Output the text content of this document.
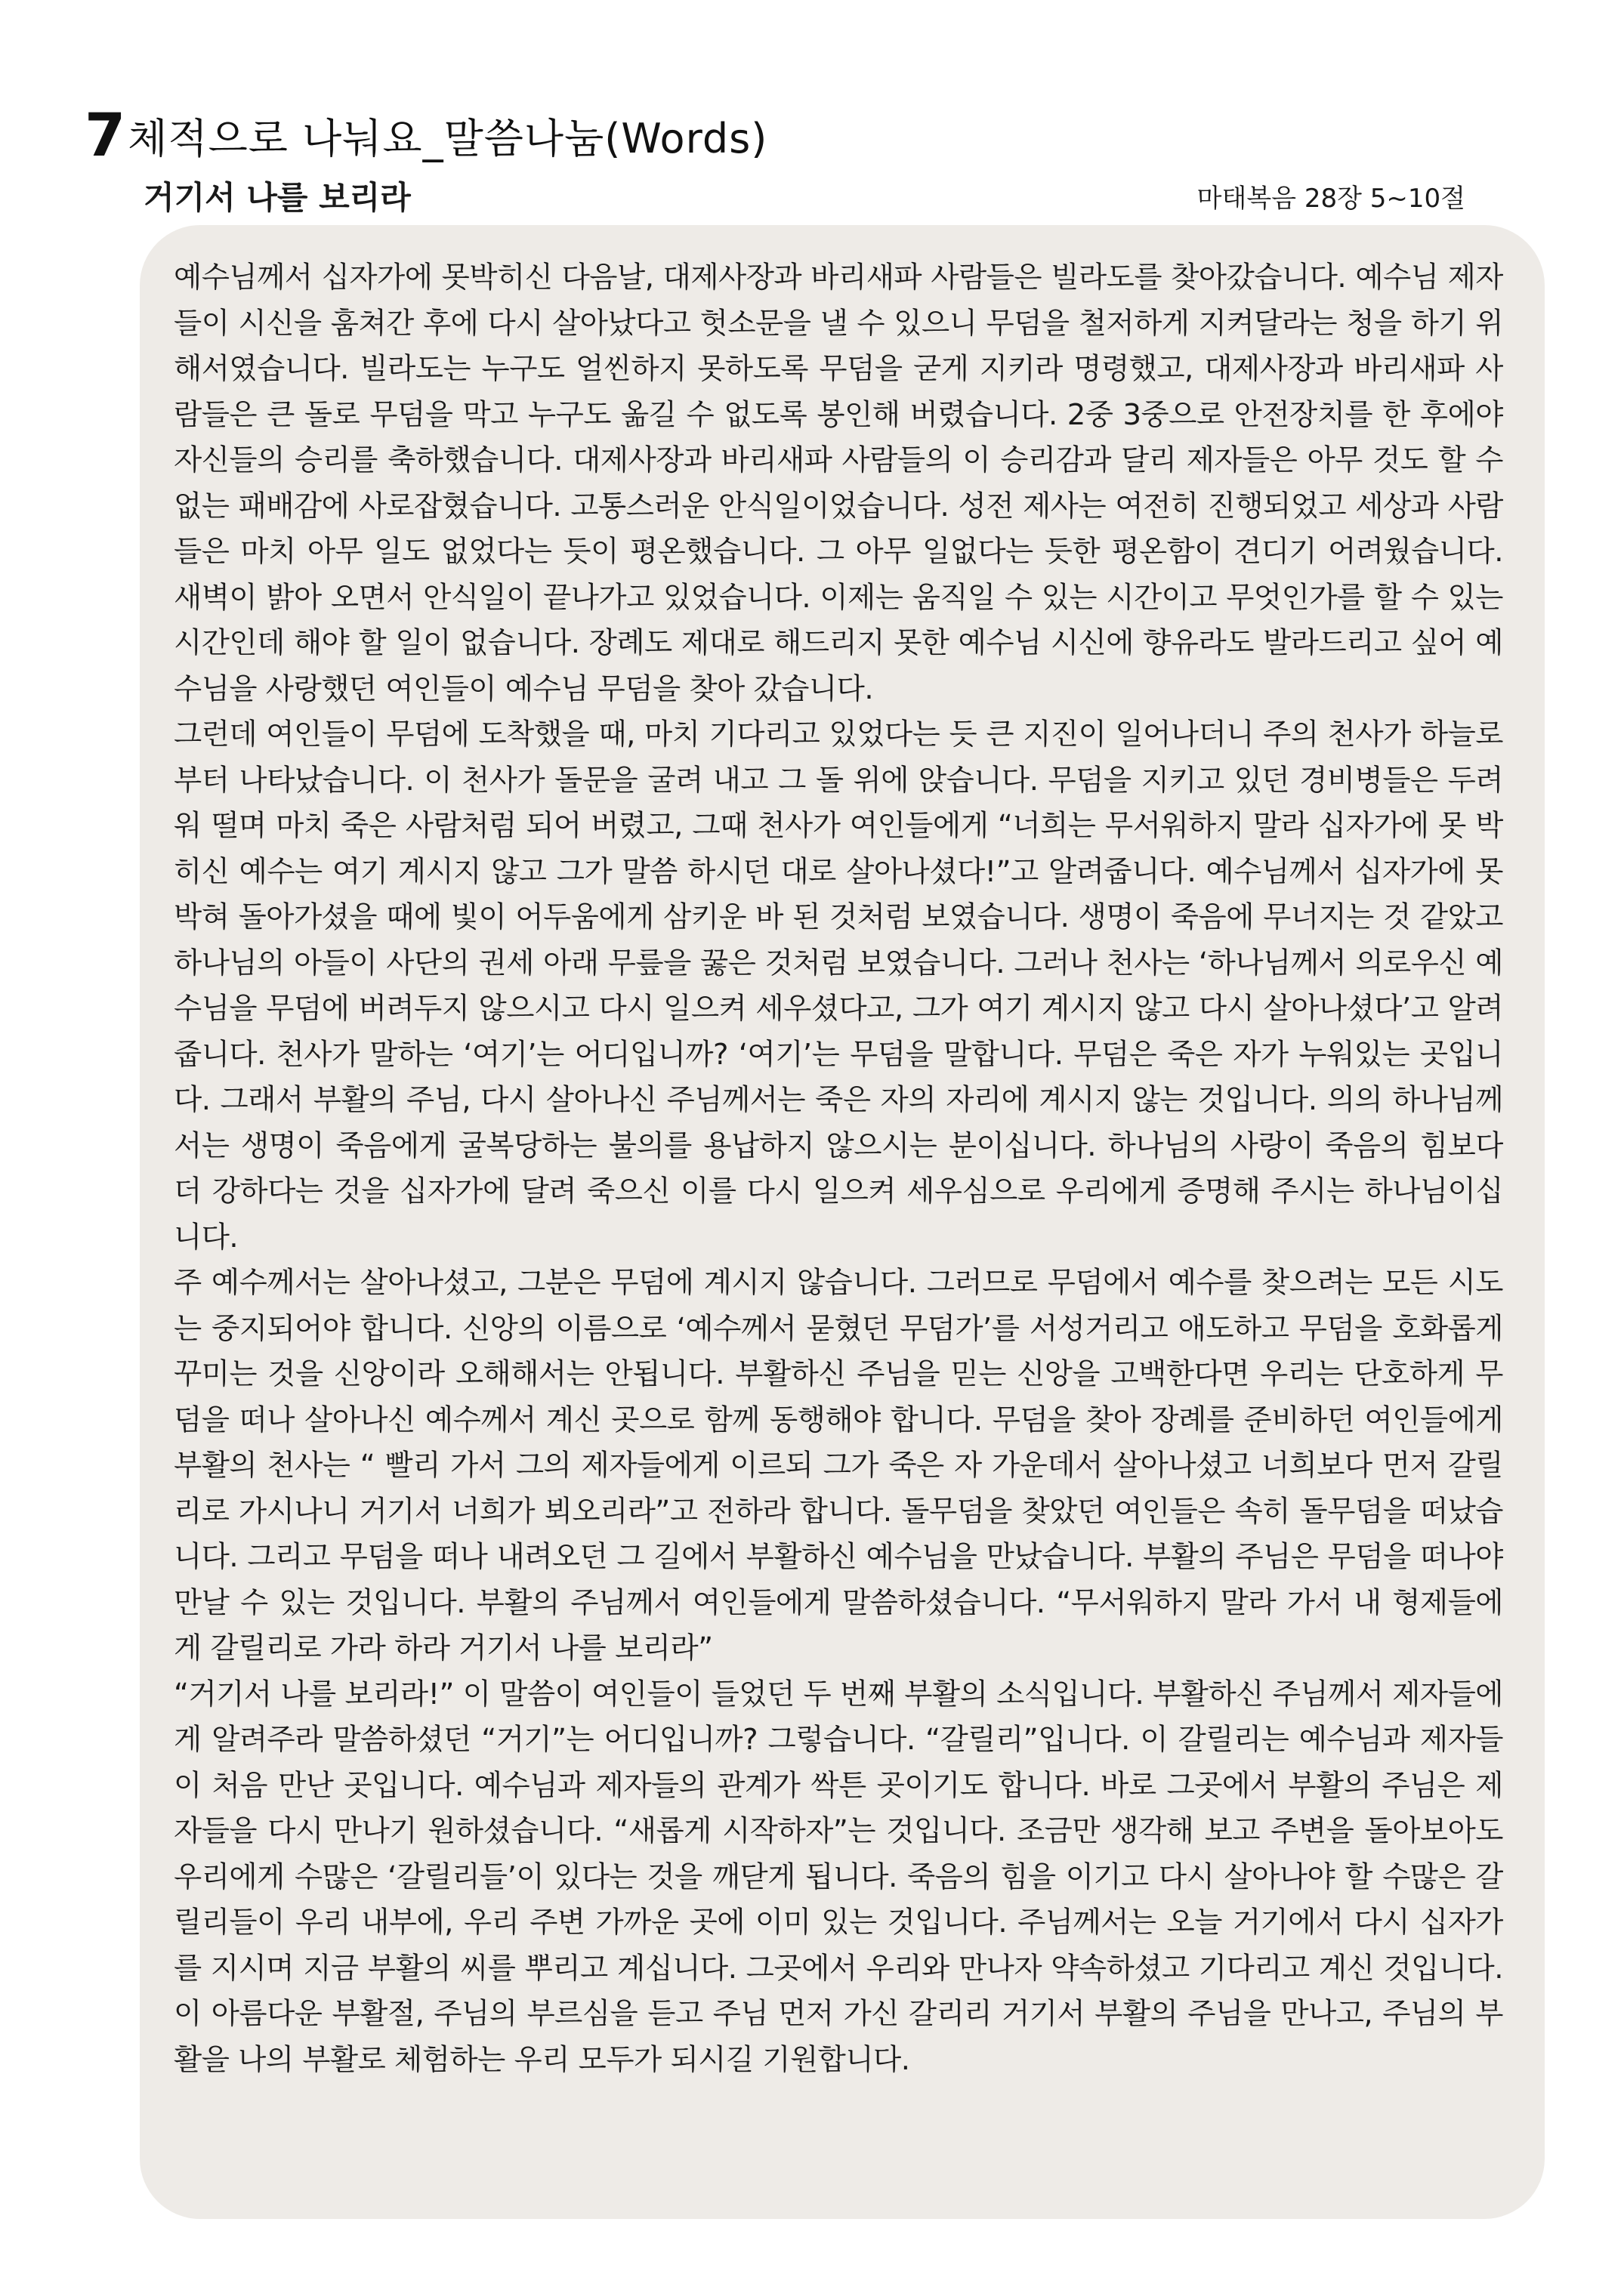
7체적으로 나눠요_말씀나눔(Words)
거기서 나를 보리라	마태복음 28장 5~10절

예수님께서 십자가에 못박히신 다음날, 대제사장과 바리새파 사람들은 빌라도를 찾아갔습니다. 예수님 제자들이 시신을 훔쳐간 후에 다시 살아났다고 헛소문을 낼 수 있으니 무덤을 철저하게 지켜달라는 청을 하기 위해서였습니다. 빌라도는 누구도 얼씬하지 못하도록 무덤을 굳게 지키라 명령했고, 대제사장과 바리새파 사람들은 큰 돌로 무덤을 막고 누구도 옮길 수 없도록 봉인해 버렸습니다. 2중 3중으로 안전장치를 한 후에야 자신들의 승리를 축하했습니다. 대제사장과 바리새파 사람들의 이 승리감과 달리 제자들은 아무 것도 할 수 없는 패배감에 사로잡혔습니다. 고통스러운 안식일이었습니다. 성전 제사는 여전히 진행되었고 세상과 사람들은 마치 아무 일도 없었다는 듯이 평온했습니다. 그 아무 일없다는 듯한 평온함이 견디기 어려웠습니다. 새벽이 밝아 오면서 안식일이 끝나가고 있었습니다. 이제는 움직일 수 있는 시간이고 무엇인가를 할 수 있는 시간인데 해야 할 일이 없습니다. 장례도 제대로 해드리지 못한 예수님 시신에 향유라도 발라드리고 싶어 예수님을 사랑했던 여인들이 예수님 무덤을 찾아 갔습니다.

그런데 여인들이 무덤에 도착했을 때, 마치 기다리고 있었다는 듯 큰 지진이 일어나더니 주의 천사가 하늘로부터 나타났습니다. 이 천사가 돌문을 굴려 내고 그 돌 위에 앉습니다. 무덤을 지키고 있던 경비병들은 두려워 떨며 마치 죽은 사람처럼 되어 버렸고, 그때 천사가 여인들에게 “너희는 무서워하지 말라 십자가에 못 박히신 예수는 여기 계시지 않고 그가 말씀 하시던 대로 살아나셨다!”고 알려줍니다. 예수님께서 십자가에 못박혀 돌아가셨을 때에 빛이 어두움에게 삼키운 바 된 것처럼 보였습니다. 생명이 죽음에 무너지는 것 같았고 하나님의 아들이 사단의 권세 아래 무릎을 꿇은 것처럼 보였습니다. 그러나 천사는 ‘하나님께서 의로우신 예수님을 무덤에 버려두지 않으시고 다시 일으켜 세우셨다고, 그가 여기 계시지 않고 다시 살아나셨다’고 알려 줍니다. 천사가 말하는 ‘여기’는 어디입니까? ‘여기’는 무덤을 말합니다. 무덤은 죽은 자가 누워있는 곳입니다. 그래서 부활의 주님, 다시 살아나신 주님께서는 죽은 자의 자리에 계시지 않는 것입니다. 의의 하나님께서는 생명이 죽음에게 굴복당하는 불의를 용납하지 않으시는 분이십니다. 하나님의 사랑이 죽음의 힘보다 더 강하다는 것을 십자가에 달려 죽으신 이를 다시 일으켜 세우심으로 우리에게 증명해 주시는 하나님이십니다.

주 예수께서는 살아나셨고, 그분은 무덤에 계시지 않습니다. 그러므로 무덤에서 예수를 찾으려는 모든 시도는 중지되어야 합니다. 신앙의 이름으로 ‘예수께서 묻혔던 무덤가’를 서성거리고 애도하고 무덤을 호화롭게 꾸미는 것을 신앙이라 오해해서는 안됩니다. 부활하신 주님을 믿는 신앙을 고백한다면 우리는 단호하게 무덤을 떠나 살아나신 예수께서 계신 곳으로 함께 동행해야 합니다. 무덤을 찾아 장례를 준비하던 여인들에게 부활의 천사는 “ 빨리 가서 그의 제자들에게 이르되 그가 죽은 자 가운데서 살아나셨고 너희보다 먼저 갈릴리로 가시나니 거기서 너희가 뵈오리라”고 전하라 합니다. 돌무덤을 찾았던 여인들은 속히 돌무덤을 떠났습니다. 그리고 무덤을 떠나 내려오던 그 길에서 부활하신 예수님을 만났습니다. 부활의 주님은 무덤을 떠나야 만날 수 있는 것입니다. 부활의 주님께서 여인들에게 말씀하셨습니다. “무서워하지 말라 가서 내 형제들에게 갈릴리로 가라 하라 거기서 나를 보리라”

“거기서 나를 보리라!” 이 말씀이 여인들이 들었던 두 번째 부활의 소식입니다. 부활하신 주님께서 제자들에게 알려주라 말씀하셨던 “거기”는 어디입니까? 그렇습니다. “갈릴리”입니다. 이 갈릴리는 예수님과 제자들이 처음 만난 곳입니다. 예수님과 제자들의 관계가 싹튼 곳이기도 합니다. 바로 그곳에서 부활의 주님은 제자들을 다시 만나기 원하셨습니다. “새롭게 시작하자”는 것입니다. 조금만 생각해 보고 주변을 돌아보아도 우리에게 수많은 ‘갈릴리들’이 있다는 것을 깨닫게 됩니다. 죽음의 힘을 이기고 다시 살아나야 할 수많은 갈릴리들이 우리 내부에, 우리 주변 가까운 곳에 이미 있는 것입니다. 주님께서는 오늘 거기에서 다시 십자가를 지시며 지금 부활의 씨를 뿌리고 계십니다. 그곳에서 우리와 만나자 약속하셨고 기다리고 계신 것입니다. 이 아름다운 부활절, 주님의 부르심을 듣고 주님 먼저 가신 갈리리 거기서 부활의 주님을 만나고, 주님의 부활을 나의 부활로 체험하는 우리 모두가 되시길 기원합니다.
